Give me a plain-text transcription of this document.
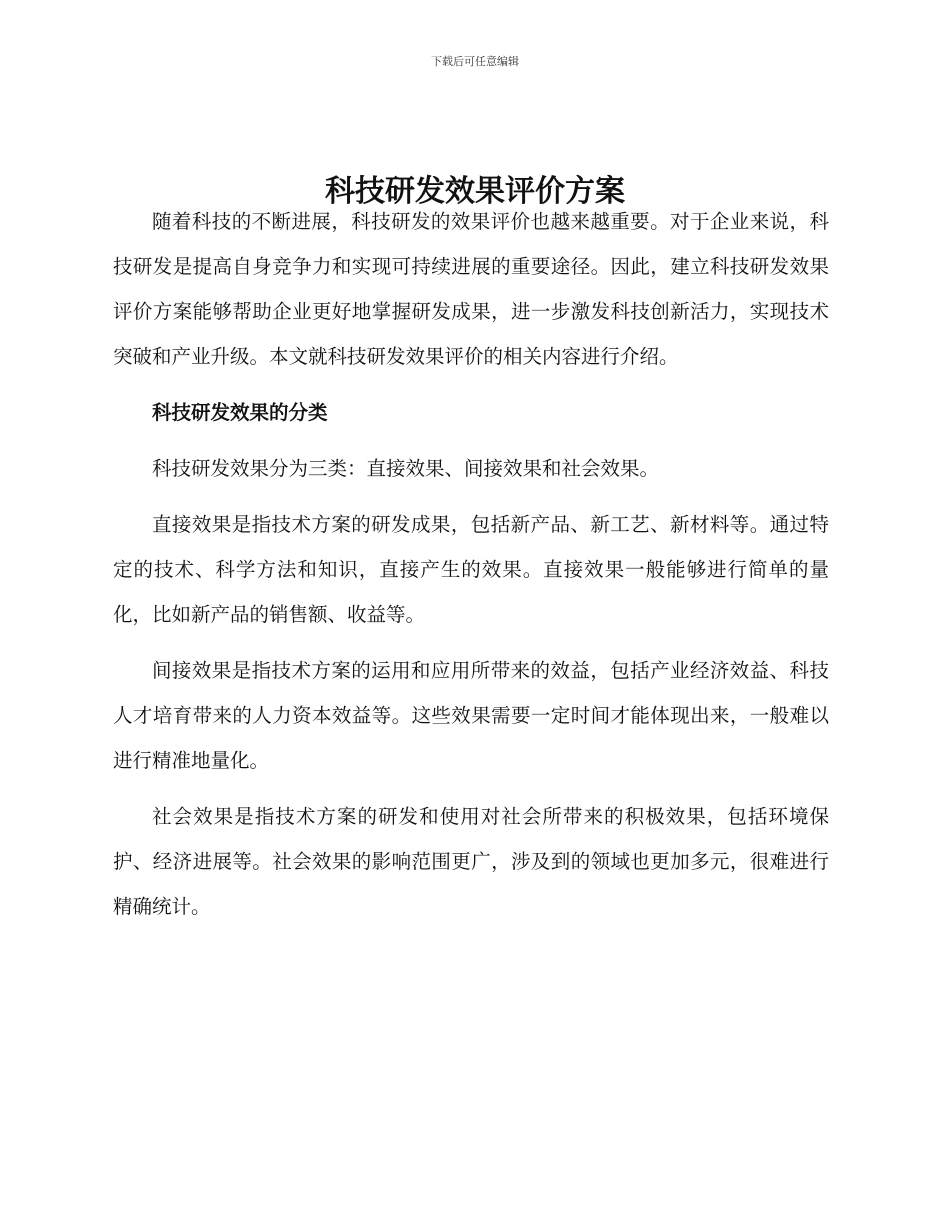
下载后可任意编辑
科技研发效果评价方案

随着科技的不断进展，科技研发的效果评价也越来越重要。对于企业来说，科技研发是提高自身竞争力和实现可持续进展的重要途径。因此，建立科技研发效果评价方案能够帮助企业更好地掌握研发成果，进一步激发科技创新活力，实现技术突破和产业升级。本文就科技研发效果评价的相关内容进行介绍。

科技研发效果的分类

科技研发效果分为三类：直接效果、间接效果和社会效果。

直接效果是指技术方案的研发成果，包括新产品、新工艺、新材料等。通过特定的技术、科学方法和知识，直接产生的效果。直接效果一般能够进行简单的量化，比如新产品的销售额、收益等。

间接效果是指技术方案的运用和应用所带来的效益，包括产业经济效益、科技人才培育带来的人力资本效益等。这些效果需要一定时间才能体现出来，一般难以进行精准地量化。

社会效果是指技术方案的研发和使用对社会所带来的积极效果，包括环境保护、经济进展等。社会效果的影响范围更广，涉及到的领域也更加多元，很难进行精确统计。
